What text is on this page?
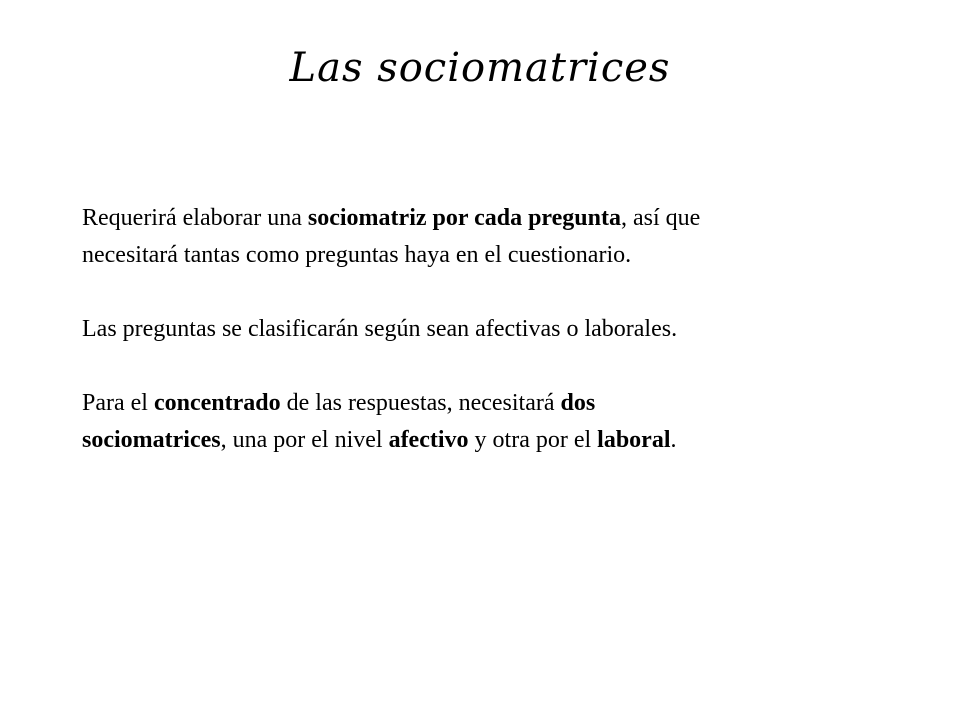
Las sociomatrices

Requerirá elaborar una sociomatriz por cada pregunta, así que
necesitará tantas como preguntas haya en el cuestionario.

Las preguntas se clasificarán según sean afectivas o laborales.

Para el concentrado de las respuestas, necesitará dos
sociomatrices, una por el nivel afectivo y otra por el laboral.
